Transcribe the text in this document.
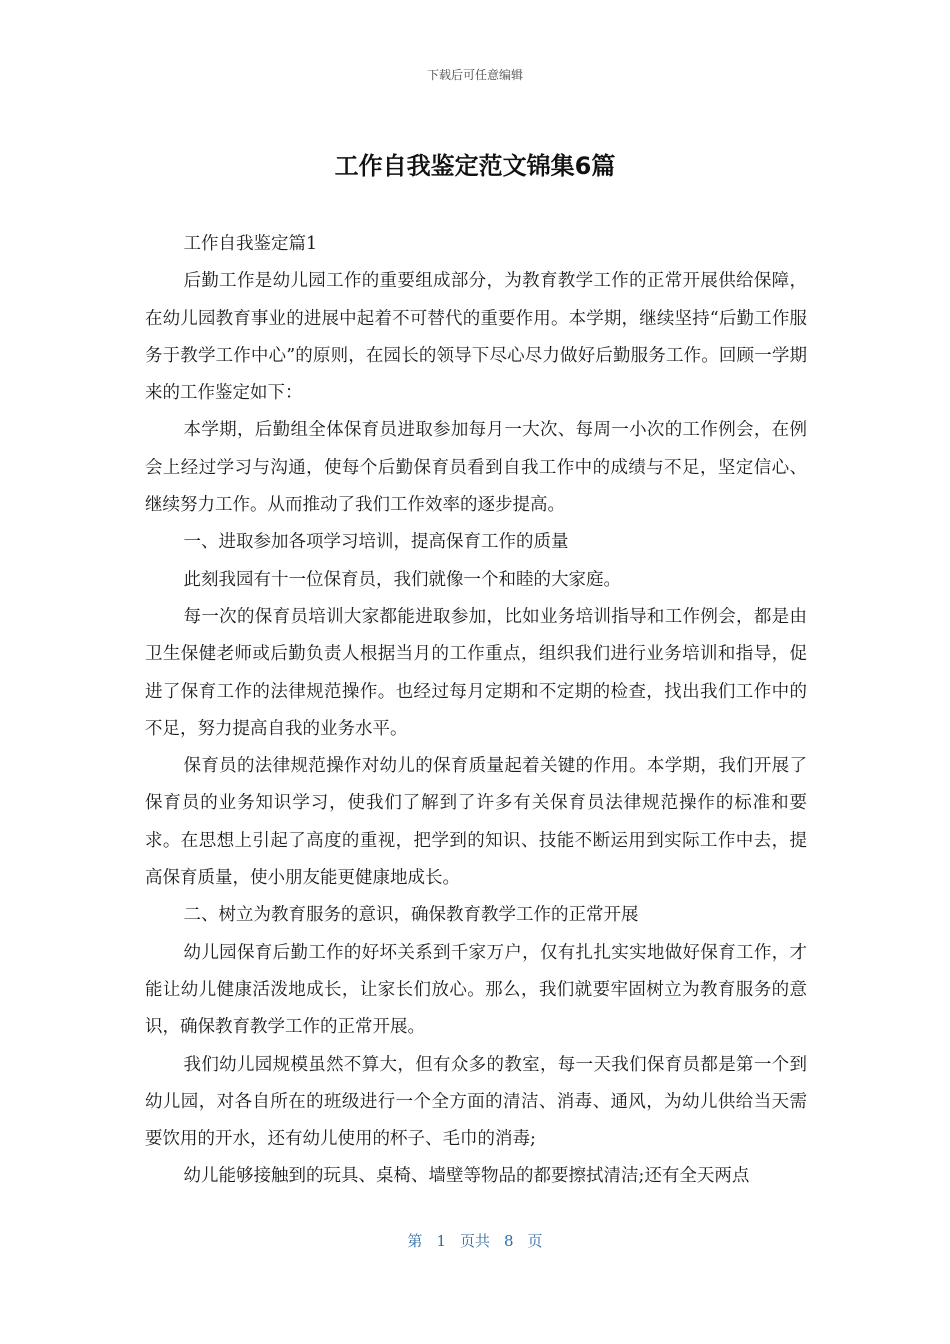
下载后可任意编辑
工作自我鉴定范文锦集6篇

工作自我鉴定篇1

后勤工作是幼儿园工作的重要组成部分，为教育教学工作的正常开展供给保障，在幼儿园教育事业的进展中起着不可替代的重要作用。本学期，继续坚持“后勤工作服务于教学工作中心”的原则，在园长的领导下尽心尽力做好后勤服务工作。回顾一学期来的工作鉴定如下：

本学期，后勤组全体保育员进取参加每月一大次、每周一小次的工作例会，在例会上经过学习与沟通，使每个后勤保育员看到自我工作中的成绩与不足，坚定信心、继续努力工作。从而推动了我们工作效率的逐步提高。

一、进取参加各项学习培训，提高保育工作的质量

此刻我园有十一位保育员，我们就像一个和睦的大家庭。

每一次的保育员培训大家都能进取参加，比如业务培训指导和工作例会，都是由卫生保健老师或后勤负责人根据当月的工作重点，组织我们进行业务培训和指导，促进了保育工作的法律规范操作。也经过每月定期和不定期的检查，找出我们工作中的不足，努力提高自我的业务水平。

保育员的法律规范操作对幼儿的保育质量起着关键的作用。本学期，我们开展了保育员的业务知识学习，使我们了解到了许多有关保育员法律规范操作的标准和要求。在思想上引起了高度的重视，把学到的知识、技能不断运用到实际工作中去，提高保育质量，使小朋友能更健康地成长。

二、树立为教育服务的意识，确保教育教学工作的正常开展

幼儿园保育后勤工作的好坏关系到千家万户，仅有扎扎实实地做好保育工作，才能让幼儿健康活泼地成长，让家长们放心。那么，我们就要牢固树立为教育服务的意识，确保教育教学工作的正常开展。

我们幼儿园规模虽然不算大，但有众多的教室，每一天我们保育员都是第一个到幼儿园，对各自所在的班级进行一个全方面的清洁、消毒、通风，为幼儿供给当天需要饮用的开水，还有幼儿使用的杯子、毛巾的消毒;

幼儿能够接触到的玩具、桌椅、墙壁等物品的都要擦拭清洁;还有全天两点

第 1 页共 8 页
